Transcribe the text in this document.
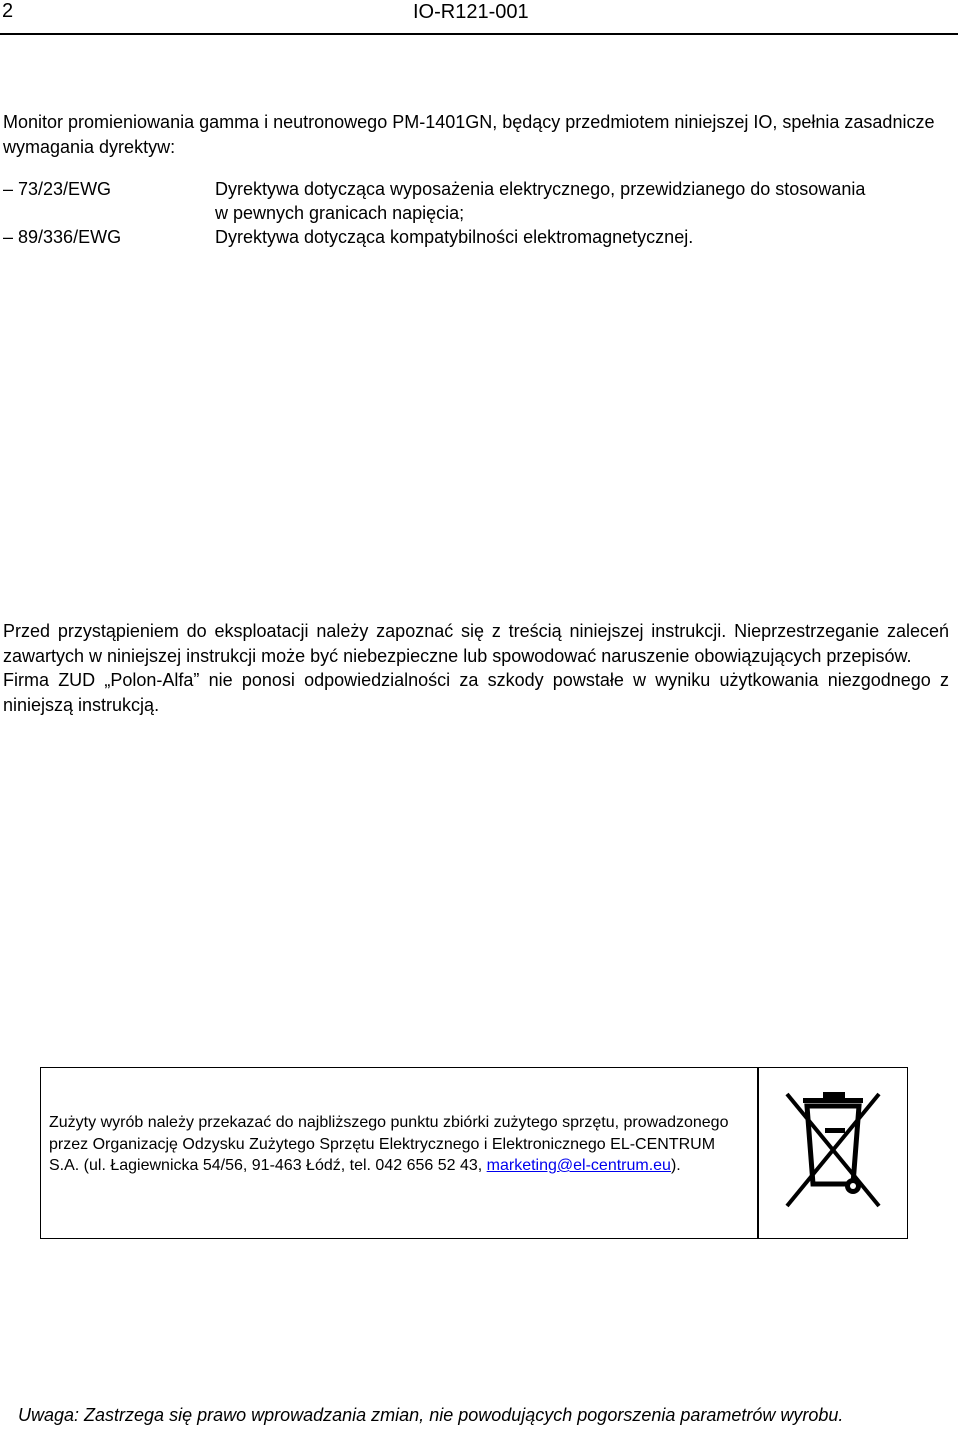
2	IO-R121-001
Monitor promieniowania gamma i neutronowego PM-1401GN, będący przedmiotem niniejszej IO, spełnia zasadnicze wymagania dyrektyw:
– 73/23/EWG	Dyrektywa dotycząca wyposażenia elektrycznego, przewidzianego do stosowania
w pewnych granicach napięcia;
– 89/336/EWG	Dyrektywa dotycząca kompatybilności elektromagnetycznej.

Przed przystąpieniem do eksploatacji należy zapoznać się z treścią niniejszej instrukcji. Nieprzestrzeganie zaleceń zawartych w niniejszej instrukcji może być niebezpieczne lub spowodować naruszenie obowiązujących przepisów.

Firma ZUD „Polon-Alfa” nie ponosi odpowiedzialności za szkody powstałe w wyniku użytkowania niezgodnego z niniejszą instrukcją.

Zużyty wyrób należy przekazać do najbliższego punktu zbiórki zużytego sprzętu, prowadzonego przez Organizację Odzysku Zużytego Sprzętu Elektrycznego i Elektronicznego EL-CENTRUM S.A. (ul. Łagiewnicka 54/56, 91-463 Łódź, tel. 042 656 52 43, marketing@el-centrum.eu).
Uwaga: Zastrzega się prawo wprowadzania zmian, nie powodujących pogorszenia parametrów wyrobu.
